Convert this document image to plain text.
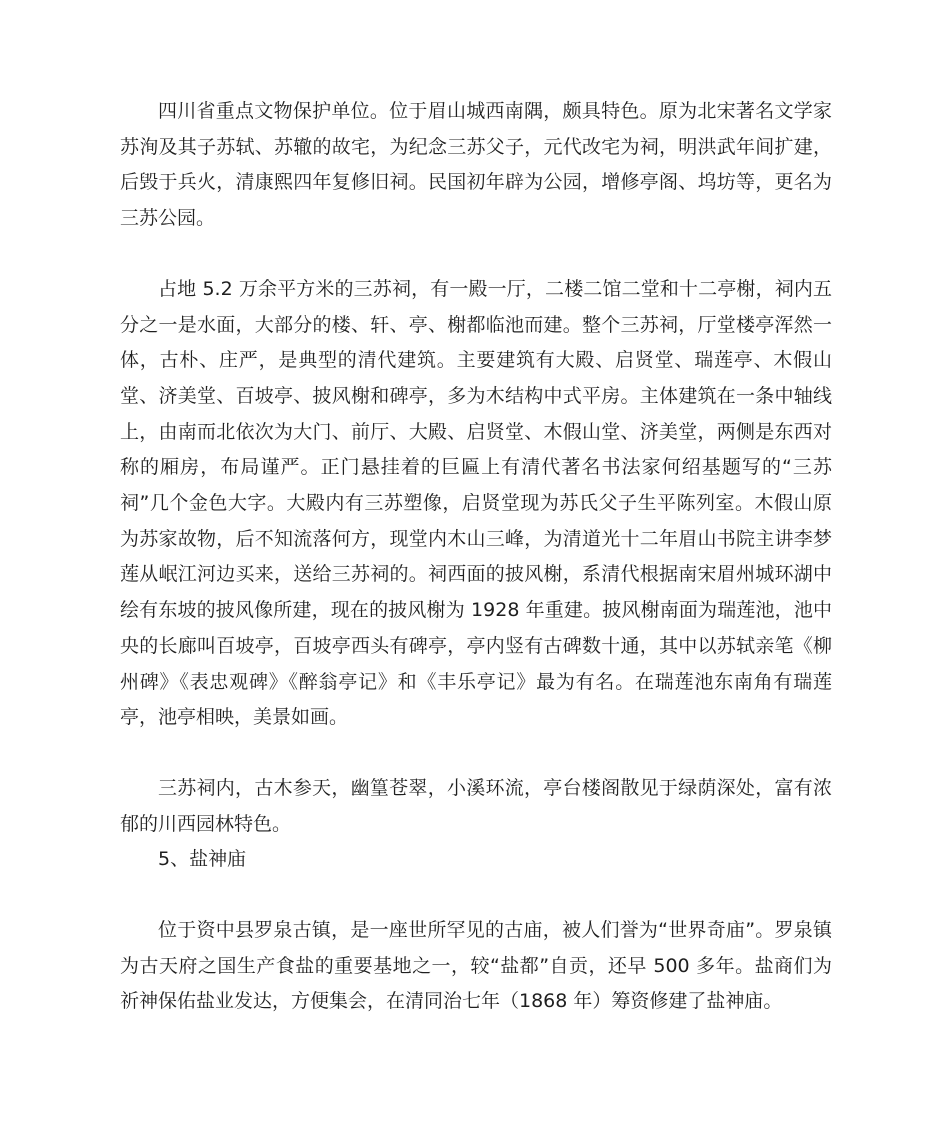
四川省重点文物保护单位。位于眉山城西南隅，颇具特色。原为北宋著名文学家苏洵及其子苏轼、苏辙的故宅，为纪念三苏父子，元代改宅为祠，明洪武年间扩建，后毁于兵火，清康熙四年复修旧祠。民国初年辟为公园，增修亭阁、坞坊等，更名为三苏公园。

占地 5.2 万余平方米的三苏祠，有一殿一厅，二楼二馆二堂和十二亭榭，祠内五分之一是水面，大部分的楼、轩、亭、榭都临池而建。整个三苏祠，厅堂楼亭浑然一体，古朴、庄严，是典型的清代建筑。主要建筑有大殿、启贤堂、瑞莲亭、木假山堂、济美堂、百坡亭、披风榭和碑亭，多为木结构中式平房。主体建筑在一条中轴线上，由南而北依次为大门、前厅、大殿、启贤堂、木假山堂、济美堂，两侧是东西对称的厢房，布局谨严。正门悬挂着的巨匾上有清代著名书法家何绍基题写的“三苏祠”几个金色大字。大殿内有三苏塑像，启贤堂现为苏氏父子生平陈列室。木假山原为苏家故物，后不知流落何方，现堂内木山三峰，为清道光十二年眉山书院主讲李梦莲从岷江河边买来，送给三苏祠的。祠西面的披风榭，系清代根据南宋眉州城环湖中绘有东坡的披风像所建，现在的披风榭为 1928 年重建。披风榭南面为瑞莲池，池中央的长廊叫百坡亭，百坡亭西头有碑亭，亭内竖有古碑数十通，其中以苏轼亲笔《柳州碑》《表忠观碑》《醉翁亭记》和《丰乐亭记》最为有名。在瑞莲池东南角有瑞莲亭，池亭相映，美景如画。

三苏祠内，古木参天，幽篁苍翠，小溪环流，亭台楼阁散见于绿荫深处，富有浓郁的川西园林特色。

5、盐神庙

位于资中县罗泉古镇，是一座世所罕见的古庙，被人们誉为“世界奇庙”。罗泉镇为古天府之国生产食盐的重要基地之一，较“盐都”自贡，还早 500 多年。盐商们为祈神保佑盐业发达，方便集会，在清同治七年（1868 年）筹资修建了盐神庙。
